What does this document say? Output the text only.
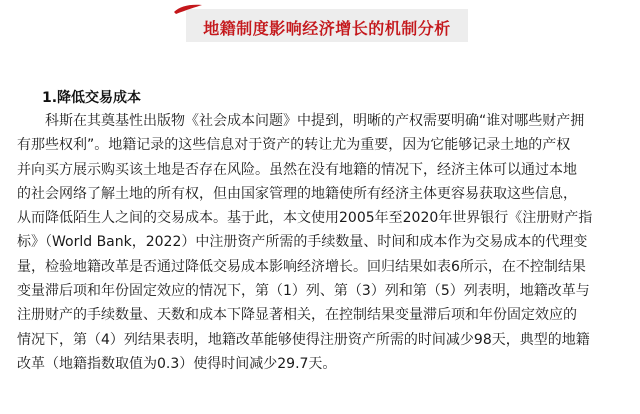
地籍制度影响经济增长的机制分析
1.降低交易成本
科斯在其奠基性出版物《社会成本问题》中提到，明晰的产权需要明确“谁对哪些财产拥
有那些权利”。地籍记录的这些信息对于资产的转让尤为重要，因为它能够记录土地的产权
并向买方展示购买该土地是否存在风险。虽然在没有地籍的情况下，经济主体可以通过本地
的社会网络了解土地的所有权，但由国家管理的地籍使所有经济主体更容易获取这些信息，
从而降低陌生人之间的交易成本。基于此，本文使用2005年至2020年世界银行《注册财产指
标》（World Bank，2022）中注册资产所需的手续数量、时间和成本作为交易成本的代理变
量，检验地籍改革是否通过降低交易成本影响经济增长。回归结果如表6所示，在不控制结果
变量滞后项和年份固定效应的情况下，第（1）列、第（3）列和第（5）列表明，地籍改革与
注册财产的手续数量、天数和成本下降显著相关，在控制结果变量滞后项和年份固定效应的
情况下，第（4）列结果表明，地籍改革能够使得注册资产所需的时间减少98天，典型的地籍
改革（地籍指数取值为0.3）使得时间减少29.7天。
